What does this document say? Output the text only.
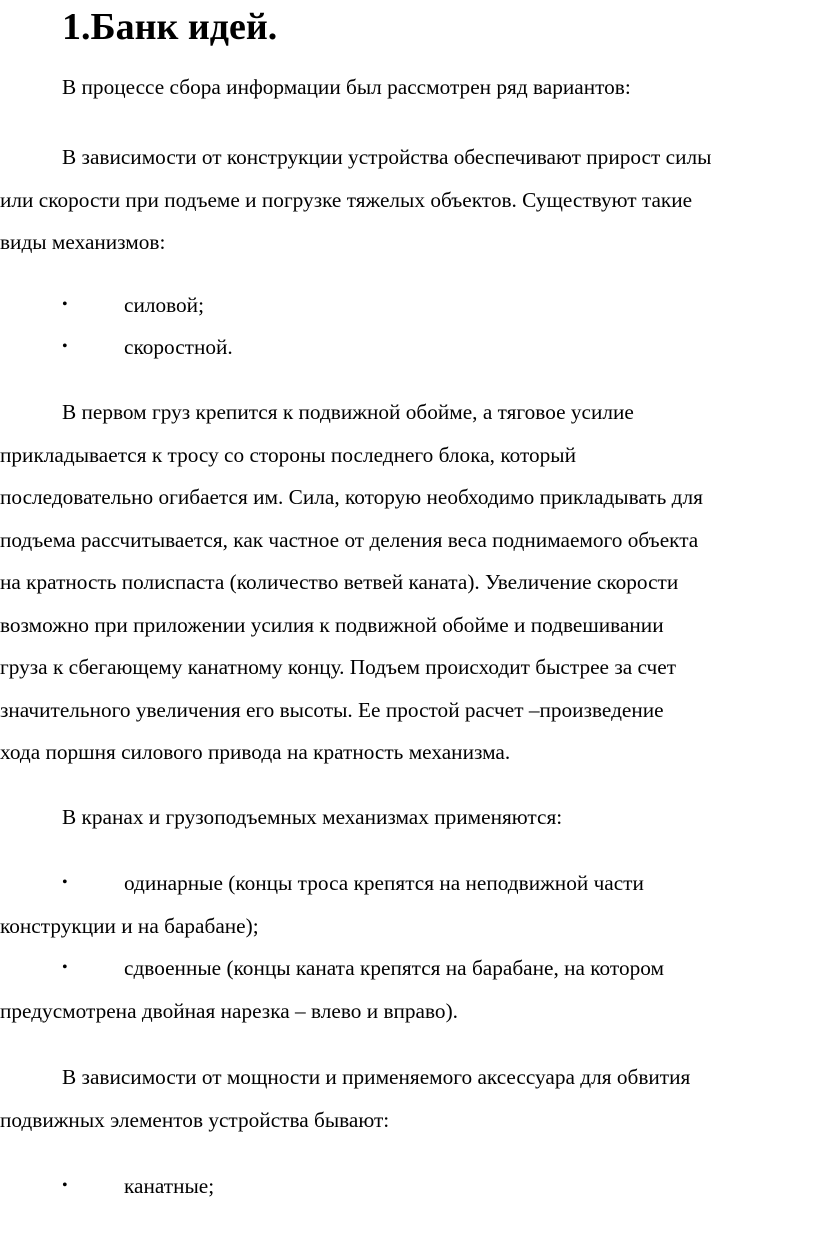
1.Банк идей.

В процессе сбора информации был рассмотрен ряд вариантов:

В зависимости от конструкции устройства обеспечивают прирост силы
или скорости при подъеме и погрузке тяжелых объектов. Существуют такие
виды механизмов:

•	силовой;
•	скоростной.

В первом груз крепится к подвижной обойме, а тяговое усилие
прикладывается к тросу со стороны последнего блока, который
последовательно огибается им. Сила, которую необходимо прикладывать для
подъема рассчитывается, как частное от деления веса поднимаемого объекта
на кратность полиспаста (количество ветвей каната). Увеличение скорости
возможно при приложении усилия к подвижной обойме и подвешивании
груза к сбегающему канатному концу. Подъем происходит быстрее за счет
значительного увеличения его высоты. Ее простой расчет –произведение
хода поршня силового привода на кратность механизма.

В кранах и грузоподъемных механизмах применяются:

•	одинарные (концы троса крепятся на неподвижной части
конструкции и на барабане);
•	сдвоенные (концы каната крепятся на барабане, на котором
предусмотрена двойная нарезка – влево и вправо).

В зависимости от мощности и применяемого аксессуара для обвития
подвижных элементов устройства бывают:

•	канатные;
